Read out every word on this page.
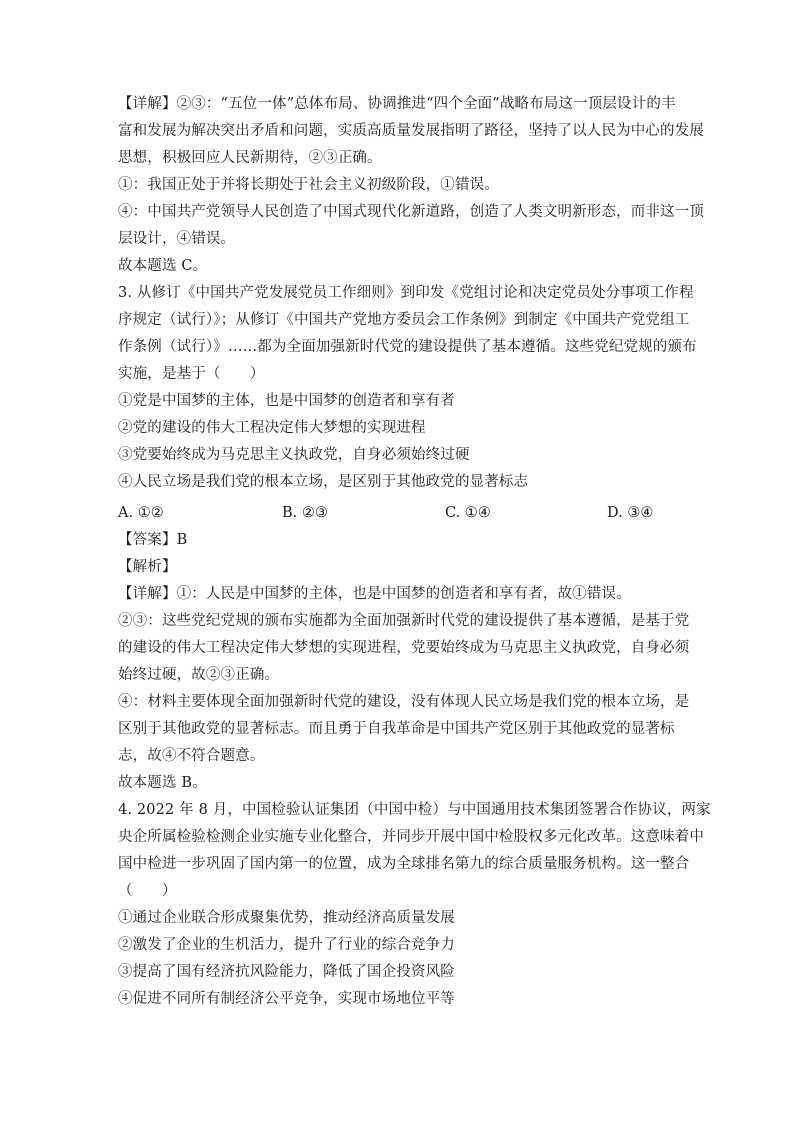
【详解】②③：“五位一体”总体布局、协调推进“四个全面”战略布局这一顶层设计的丰
富和发展为解决突出矛盾和问题，实质高质量发展指明了路径，坚持了以人民为中心的发展
思想，积极回应人民新期待，②③正确。
①：我国正处于并将长期处于社会主义初级阶段，①错误。
④：中国共产党领导人民创造了中国式现代化新道路，创造了人类文明新形态，而非这一顶
层设计，④错误。
故本题选 C。
3. 从修订《中国共产党发展党员工作细则》到印发《党组讨论和决定党员处分事项工作程
序规定（试行）》；从修订《中国共产党地方委员会工作条例》到制定《中国共产党党组工
作条例（试行）》……都为全面加强新时代党的建设提供了基本遵循。这些党纪党规的颁布
实施，是基于（　　）
①党是中国梦的主体，也是中国梦的创造者和享有者
②党的建设的伟大工程决定伟大梦想的实现进程
③党要始终成为马克思主义执政党，自身必须始终过硬
④人民立场是我们党的根本立场，是区别于其他政党的显著标志
A. ①②	B. ②③	C. ①④	D. ③④
【答案】B
【解析】
【详解】①：人民是中国梦的主体，也是中国梦的创造者和享有者，故①错误。
②③：这些党纪党规的颁布实施都为全面加强新时代党的建设提供了基本遵循，是基于党
的建设的伟大工程决定伟大梦想的实现进程，党要始终成为马克思主义执政党，自身必须
始终过硬，故②③正确。
④：材料主要体现全面加强新时代党的建设，没有体现人民立场是我们党的根本立场，是
区别于其他政党的显著标志。而且勇于自我革命是中国共产党区别于其他政党的显著标
志，故④不符合题意。
故本题选 B。
4. 2022 年 8 月，中国检验认证集团（中国中检）与中国通用技术集团签署合作协议，两家
央企所属检验检测企业实施专业化整合，并同步开展中国中检股权多元化改革。这意味着中
国中检进一步巩固了国内第一的位置，成为全球排名第九的综合质量服务机构。这一整合
（　　）
①通过企业联合形成聚集优势，推动经济高质量发展
②激发了企业的生机活力，提升了行业的综合竞争力
③提高了国有经济抗风险能力，降低了国企投资风险
④促进不同所有制经济公平竞争，实现市场地位平等
